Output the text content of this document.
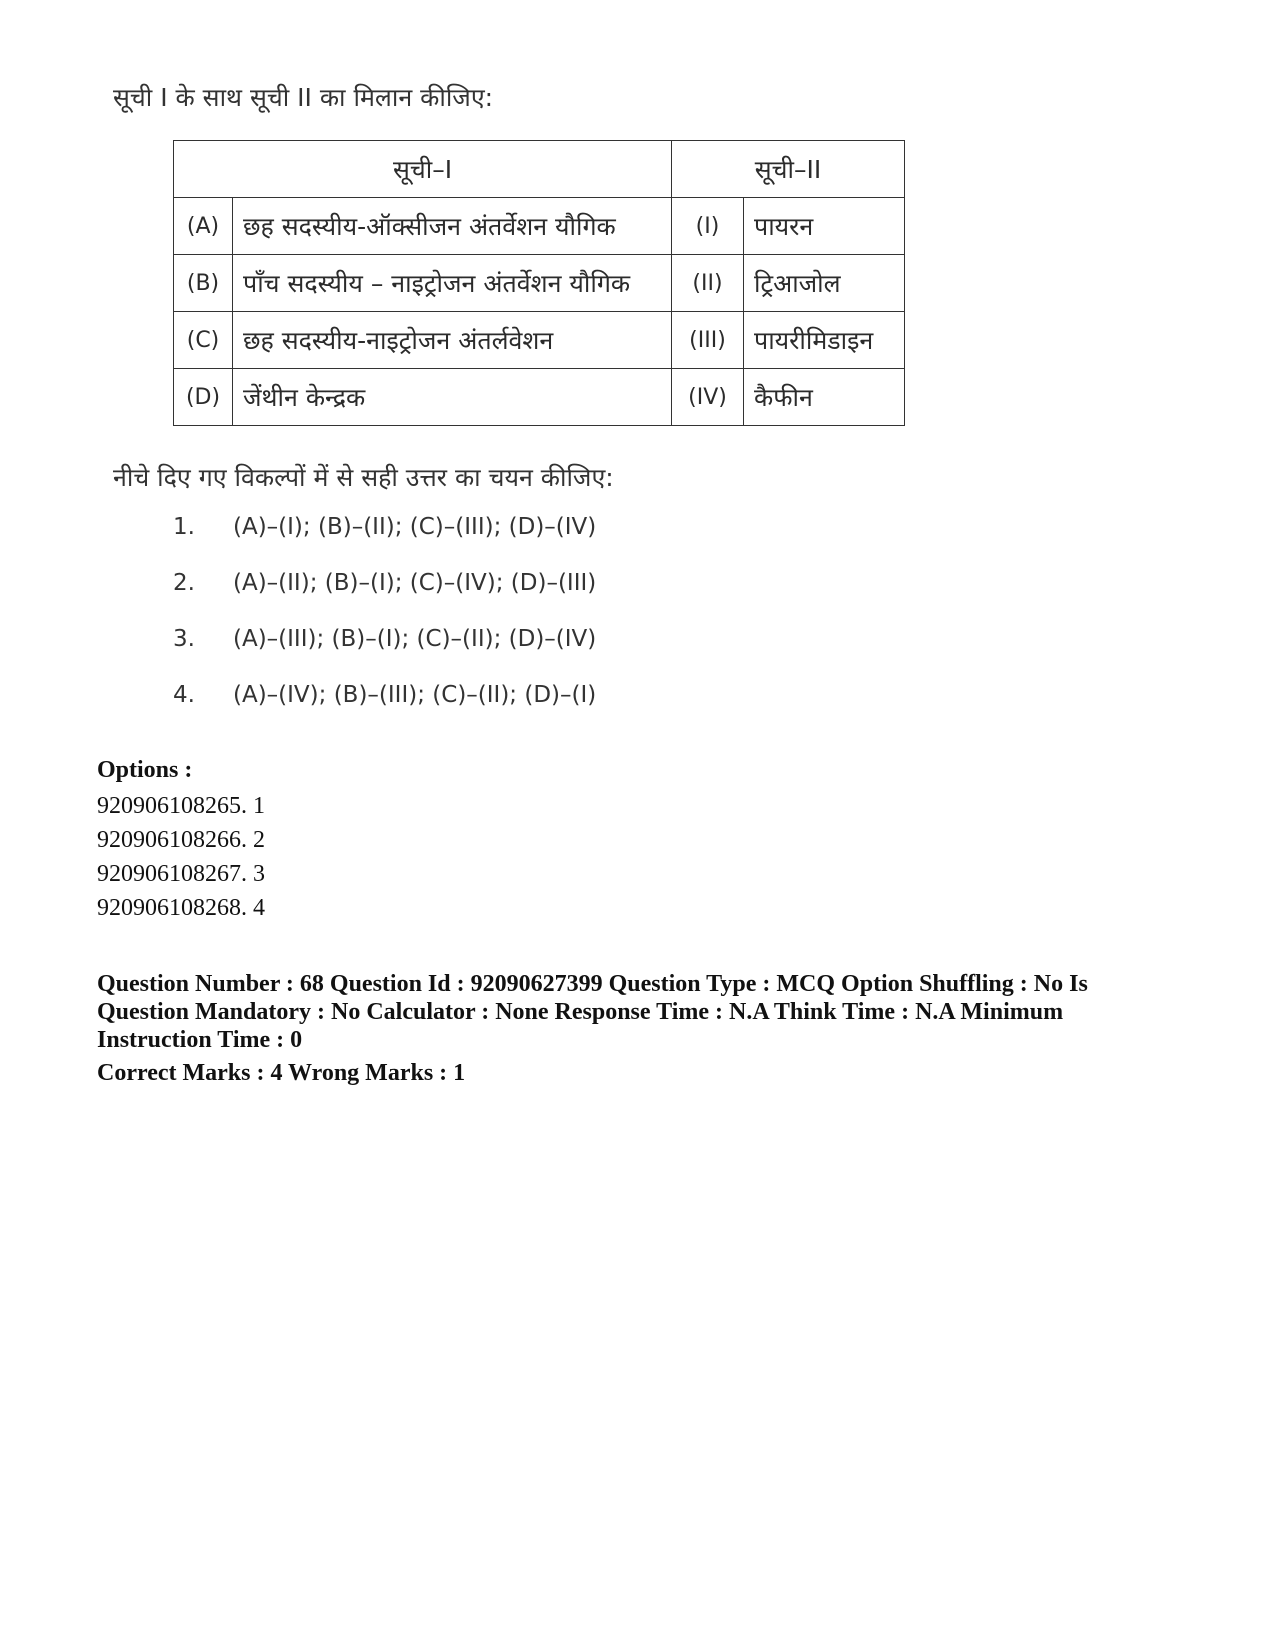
सूची I के साथ सूची II का मिलान कीजिए:
सूची–I		सूची–II	
(A)	छह सदस्यीय-ऑक्सीजन अंतर्वेशन यौगिक	(I)	पायरन
(B)	पाँच सदस्यीय – नाइट्रोजन अंतर्वेशन यौगिक	(II)	ट्रिआजोल
(C)	छह सदस्यीय-नाइट्रोजन अंतर्लवेशन	(III)	पायरीमिडाइन
(D)	जेंथीन केन्द्रक	(IV)	कैफीन
नीचे दिए गए विकल्पों में से सही उत्तर का चयन कीजिए:
1. (A)–(I); (B)–(II); (C)–(III); (D)–(IV)
2. (A)–(II); (B)–(I); (C)–(IV); (D)–(III)
3. (A)–(III); (B)–(I); (C)–(II); (D)–(IV)
4. (A)–(IV); (B)–(III); (C)–(II); (D)–(I)
Options :
920906108265. 1
920906108266. 2
920906108267. 3
920906108268. 4
Question Number : 68 Question Id : 92090627399 Question Type : MCQ Option Shuffling : No Is Question Mandatory : No Calculator : None Response Time : N.A Think Time : N.A Minimum Instruction Time : 0
Correct Marks : 4 Wrong Marks : 1
